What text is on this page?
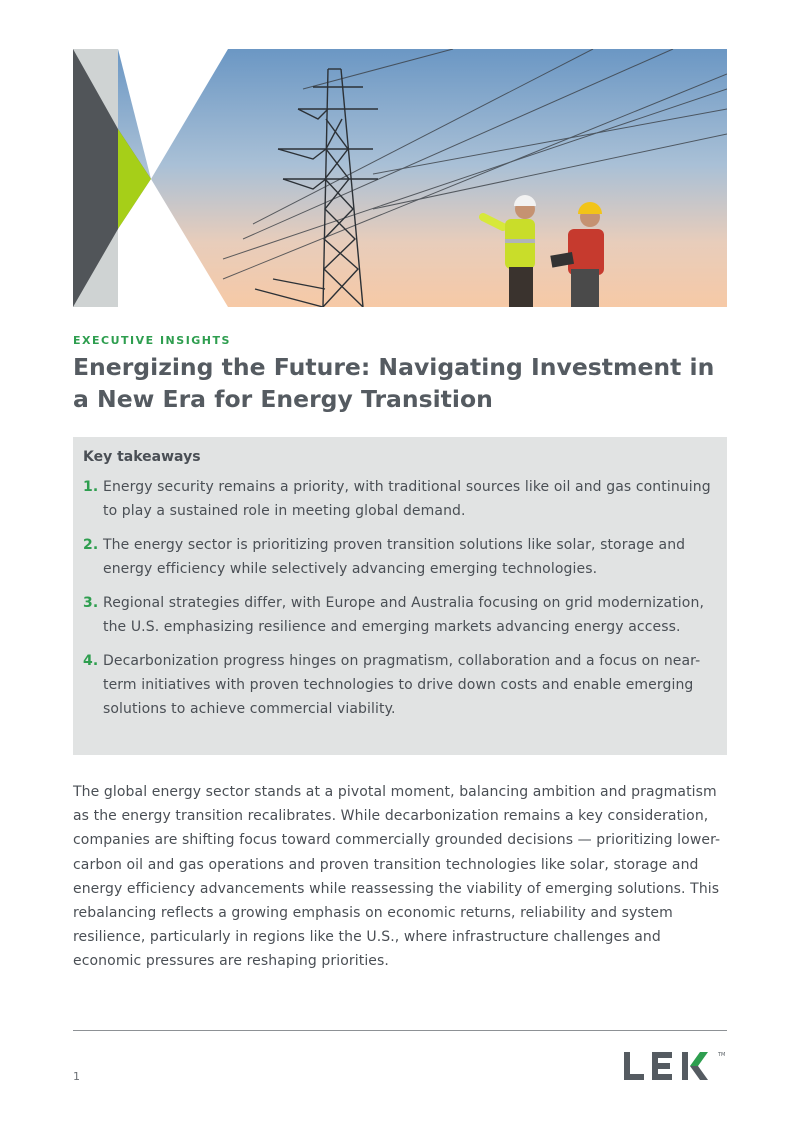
EXECUTIVE INSIGHTS
Energizing the Future: Navigating Investment in a New Era for Energy Transition
Key takeaways
1. Energy security remains a priority, with traditional sources like oil and gas continuing to play a sustained role in meeting global demand.
2. The energy sector is prioritizing proven transition solutions like solar, storage and energy efficiency while selectively advancing emerging technologies.
3. Regional strategies differ, with Europe and Australia focusing on grid modernization, the U.S. emphasizing resilience and emerging markets advancing energy access.
4. Decarbonization progress hinges on pragmatism, collaboration and a focus on near-term initiatives with proven technologies to drive down costs and enable emerging solutions to achieve commercial viability.

The global energy sector stands at a pivotal moment, balancing ambition and pragmatism as the energy transition recalibrates. While decarbonization remains a key consideration, companies are shifting focus toward commercially grounded decisions — prioritizing lower-carbon oil and gas operations and proven transition technologies like solar, storage and energy efficiency advancements while reassessing the viability of emerging solutions. This rebalancing reflects a growing emphasis on economic returns, reliability and system resilience, particularly in regions like the U.S., where infrastructure challenges and economic pressures are reshaping priorities.

1
TM
